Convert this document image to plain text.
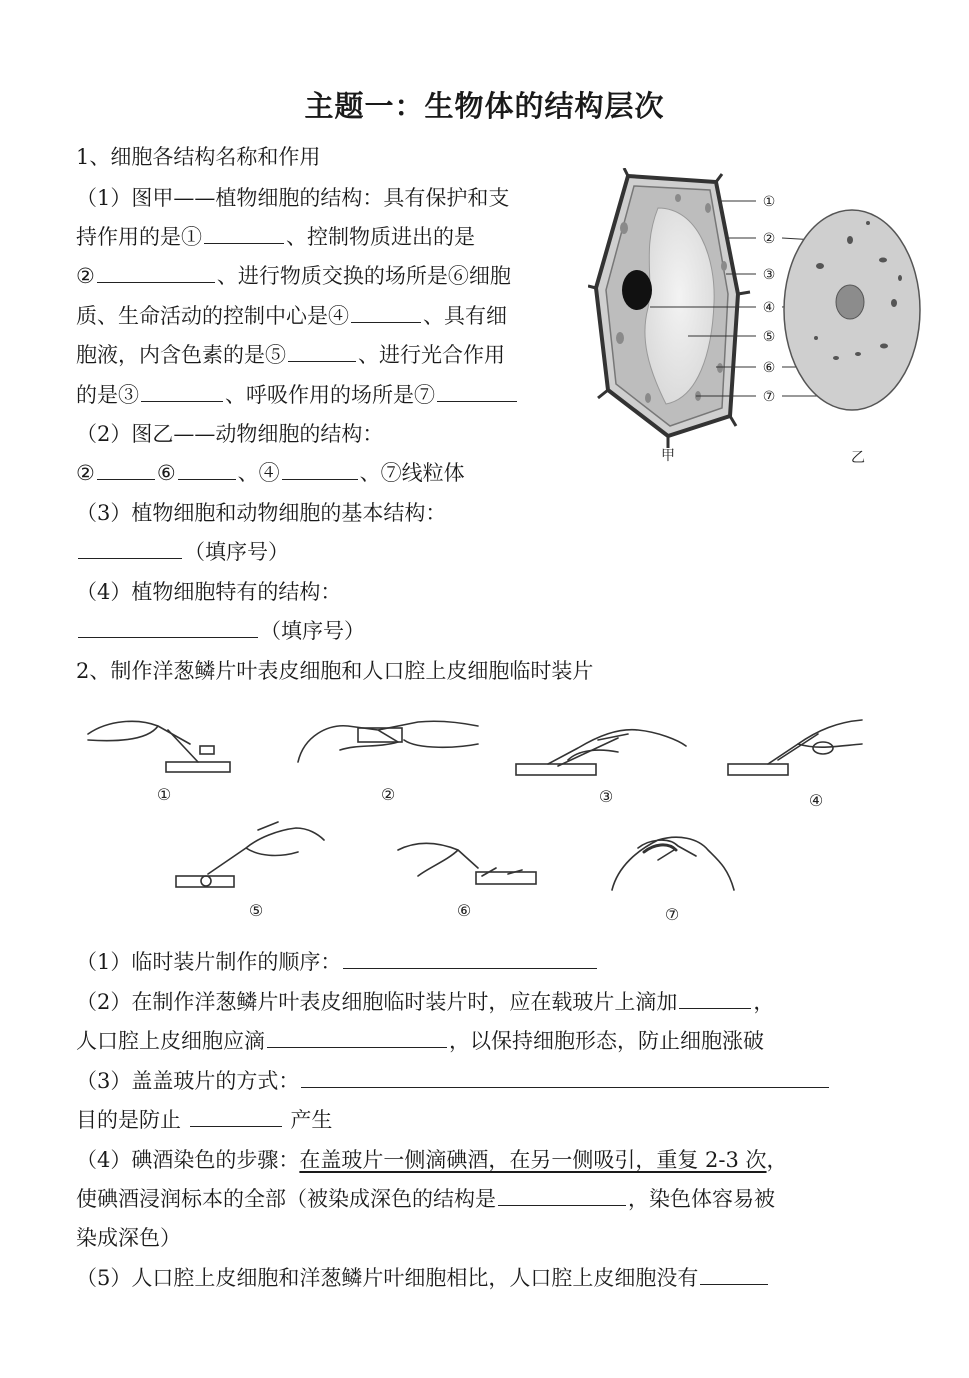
主题一：生物体的结构层次
1、细胞各结构名称和作用
（1）图甲——植物细胞的结构：具有保护和支
持作用的是①	、控制物质进出的是
②	、进行物质交换的场所是⑥细胞
质、生命活动的控制中心是④	、具有细
胞液，内含色素的是⑤	、进行光合作用
的是③	、呼吸作用的场所是⑦
（2）图乙——动物细胞的结构：
②	⑥	、④	、⑦线粒体
（3）植物细胞和动物细胞的基本结构：
（填序号）
（4）植物细胞特有的结构：
（填序号）
①
②
③
④
⑤
⑥
⑦
甲	乙
2、制作洋葱鳞片叶表皮细胞和人口腔上皮细胞临时装片
①	②	③	④
⑤	⑥	⑦
（1）临时装片制作的顺序：
（2）在制作洋葱鳞片叶表皮细胞临时装片时，应在载玻片上滴加	，
人口腔上皮细胞应滴	，以保持细胞形态，防止细胞涨破
（3）盖盖玻片的方式：
目的是防止	产生
（4）碘酒染色的步骤：在盖玻片一侧滴碘酒，在另一侧吸引，重复 2-3 次，
使碘酒浸润标本的全部（被染成深色的结构是	，染色体容易被
染成深色）
（5）人口腔上皮细胞和洋葱鳞片叶细胞相比，人口腔上皮细胞没有
